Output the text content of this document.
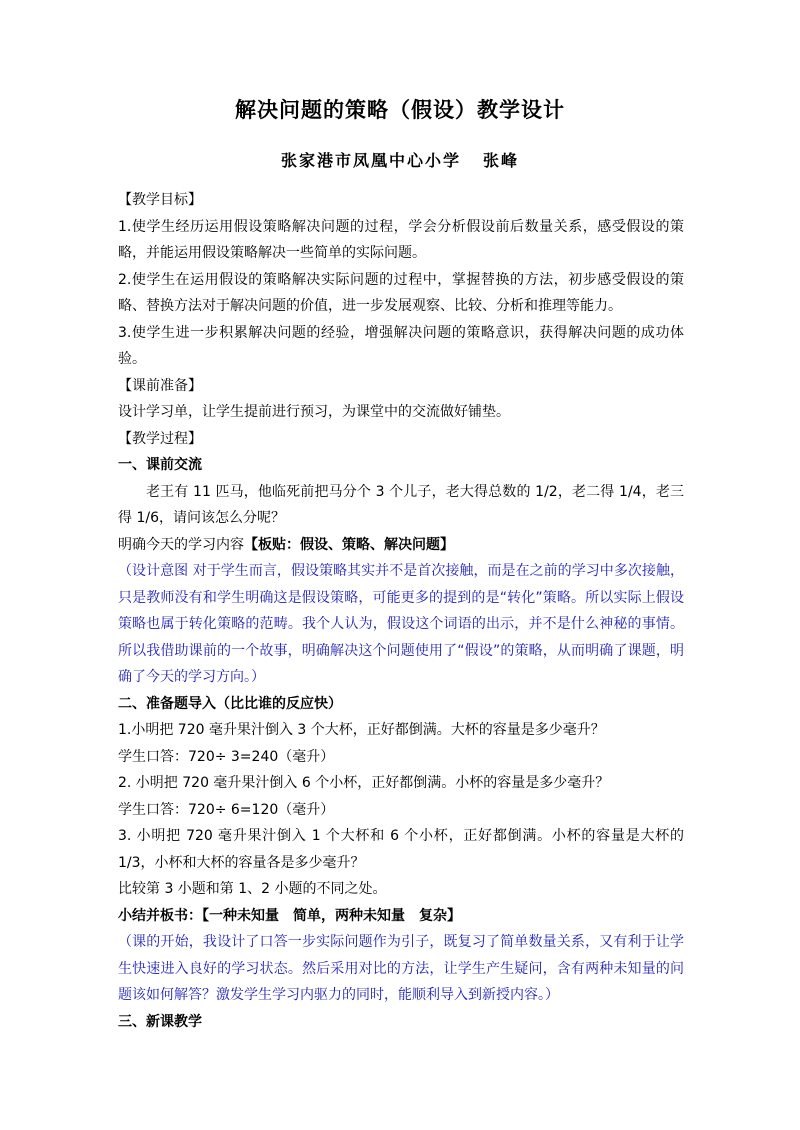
解决问题的策略（假设）教学设计
张家港市凤凰中心小学 张峰

【教学目标】

1.使学生经历运用假设策略解决问题的过程，学会分析假设前后数量关系，感受假设的策略，并能运用假设策略解决一些简单的实际问题。

2.使学生在运用假设的策略解决实际问题的过程中，掌握替换的方法，初步感受假设的策略、替换方法对于解决问题的价值，进一步发展观察、比较、分析和推理等能力。

3.使学生进一步积累解决问题的经验，增强解决问题的策略意识，获得解决问题的成功体验。

【课前准备】

设计学习单，让学生提前进行预习，为课堂中的交流做好铺垫。

【教学过程】

一、课前交流

老王有 11 匹马，他临死前把马分个 3 个儿子，老大得总数的 1/2，老二得 1/4，老三得 1/6，请问该怎么分呢？

明确今天的学习内容【板贴：假设、策略、解决问题】

（设计意图 对于学生而言，假设策略其实并不是首次接触，而是在之前的学习中多次接触，只是教师没有和学生明确这是假设策略，可能更多的提到的是“转化”策略。所以实际上假设策略也属于转化策略的范畴。我个人认为，假设这个词语的出示，并不是什么神秘的事情。所以我借助课前的一个故事，明确解决这个问题使用了“假设”的策略，从而明确了课题，明确了今天的学习方向。）

二、准备题导入（比比谁的反应快）

1.小明把 720 毫升果汁倒入 3 个大杯，正好都倒满。大杯的容量是多少毫升？

学生口答：720÷ 3=240（毫升）

2. 小明把 720 毫升果汁倒入 6 个小杯，正好都倒满。小杯的容量是多少毫升？

学生口答：720÷ 6=120（毫升）

3. 小明把 720 毫升果汁倒入 1 个大杯和 6 个小杯，正好都倒满。小杯的容量是大杯的 1/3，小杯和大杯的容量各是多少毫升？

比较第 3 小题和第 1、2 小题的不同之处。

小结并板书：【一种未知量　简单，两种未知量　复杂】

（课的开始，我设计了口答一步实际问题作为引子，既复习了简单数量关系，又有利于让学生快速进入良好的学习状态。然后采用对比的方法，让学生产生疑问，含有两种未知量的问题该如何解答？激发学生学习内驱力的同时，能顺利导入到新授内容。）

三、新课教学
